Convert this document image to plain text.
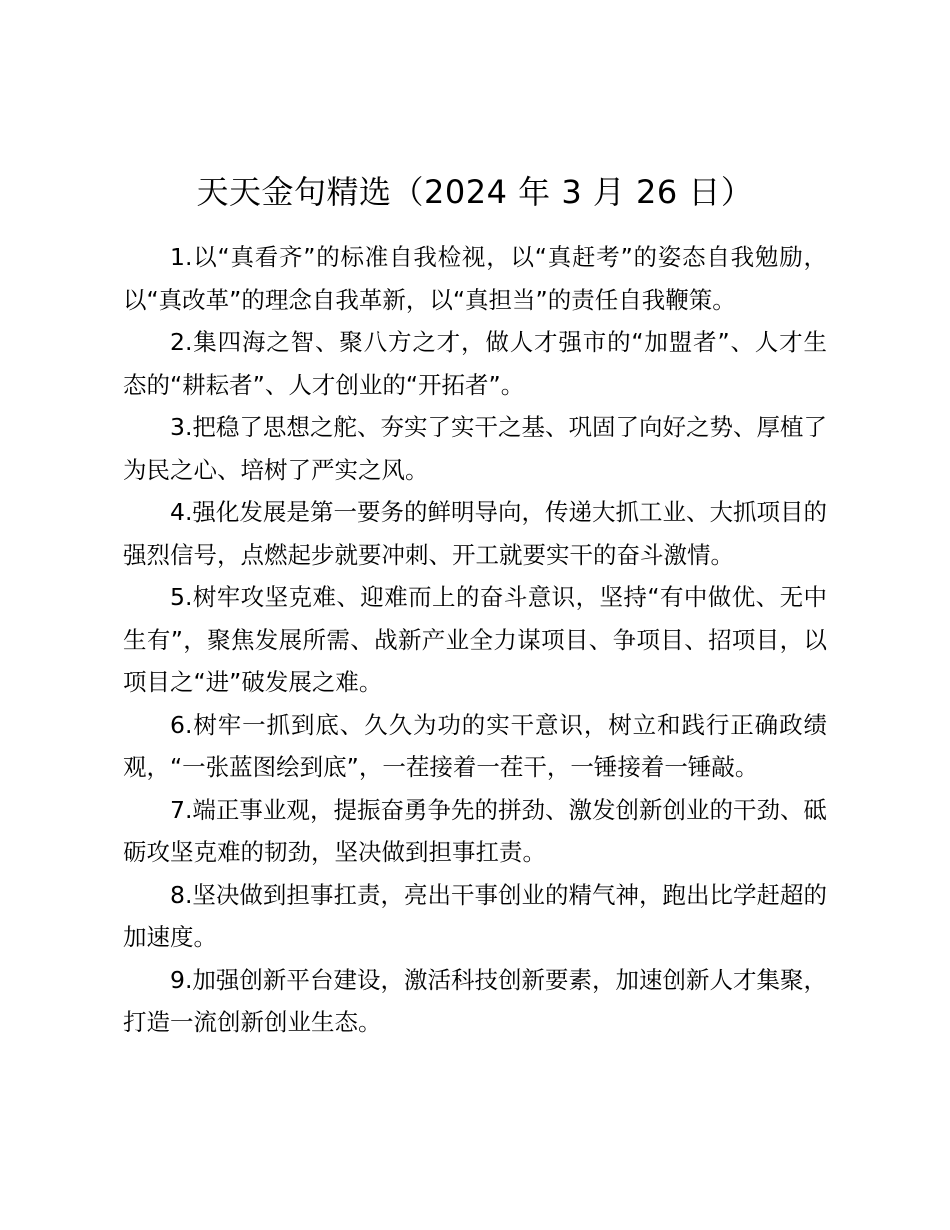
天天金句精选（2024 年 3 月 26 日）

1.以“真看齐”的标准自我检视，以“真赶考”的姿态自我勉励，以“真改革”的理念自我革新，以“真担当”的责任自我鞭策。

2.集四海之智、聚八方之才，做人才强市的“加盟者”、人才生态的“耕耘者”、人才创业的“开拓者”。

3.把稳了思想之舵、夯实了实干之基、巩固了向好之势、厚植了为民之心、培树了严实之风。

4.强化发展是第一要务的鲜明导向，传递大抓工业、大抓项目的强烈信号，点燃起步就要冲刺、开工就要实干的奋斗激情。

5.树牢攻坚克难、迎难而上的奋斗意识，坚持“有中做优、无中生有”，聚焦发展所需、战新产业全力谋项目、争项目、招项目，以项目之“进”破发展之难。

6.树牢一抓到底、久久为功的实干意识，树立和践行正确政绩观，“一张蓝图绘到底”，一茬接着一茬干，一锤接着一锤敲。

7.端正事业观，提振奋勇争先的拼劲、激发创新创业的干劲、砥砺攻坚克难的韧劲，坚决做到担事扛责。

8.坚决做到担事扛责，亮出干事创业的精气神，跑出比学赶超的加速度。

9.加强创新平台建设，激活科技创新要素，加速创新人才集聚，打造一流创新创业生态。
